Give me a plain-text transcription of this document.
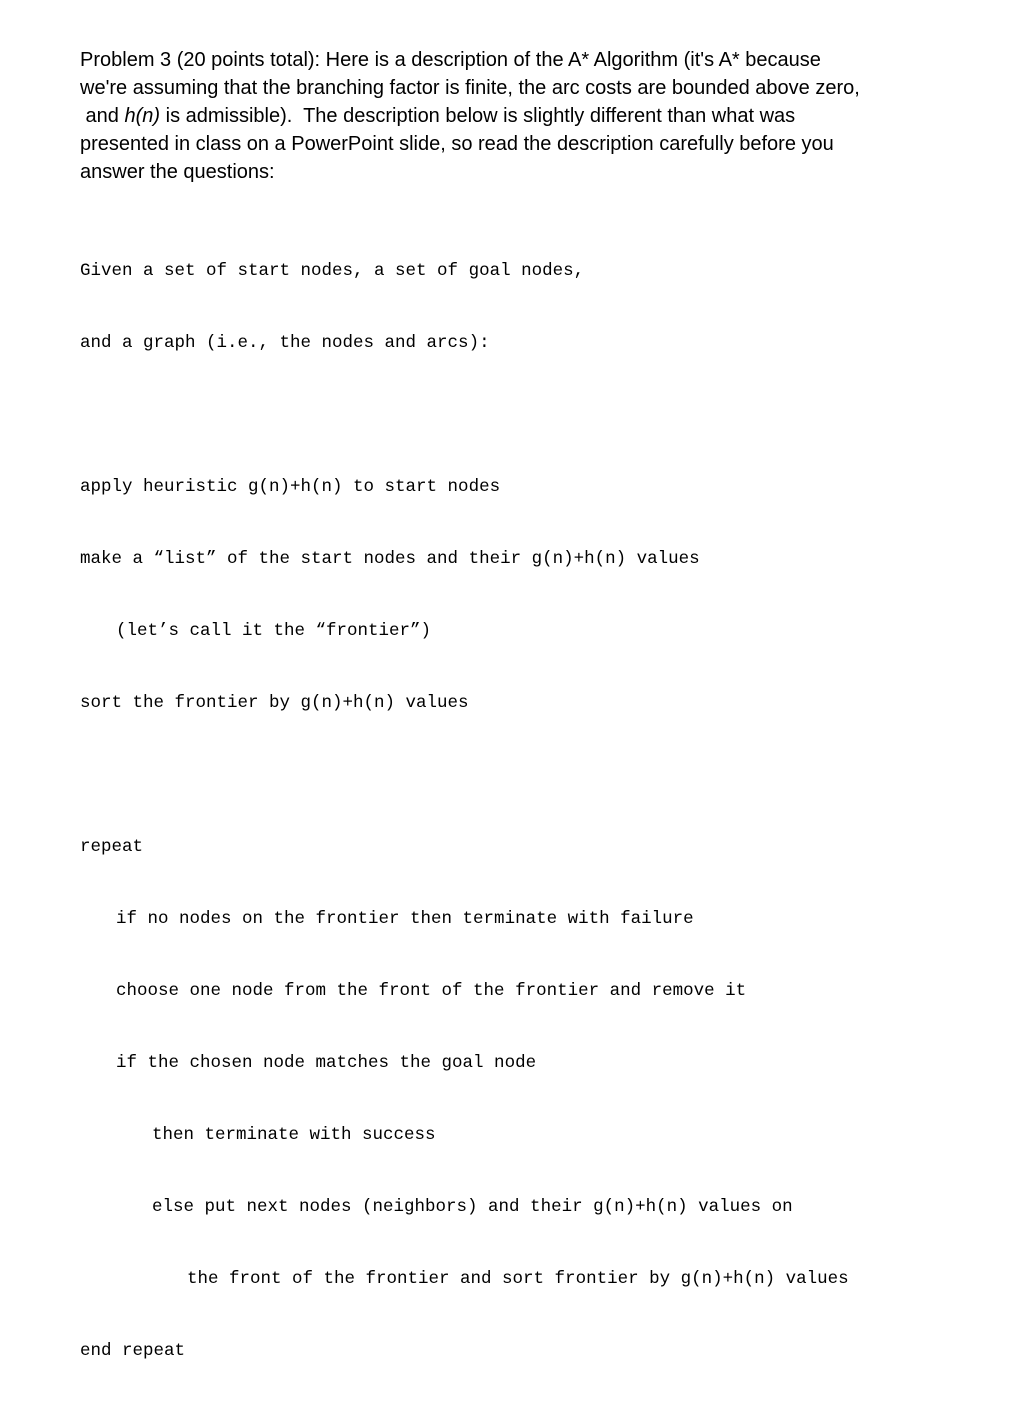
Problem 3 (20 points total): Here is a description of the A* Algorithm (it's A* because
we're assuming that the branching factor is finite, the arc costs are bounded above zero,
and h(n) is admissible).  The description below is slightly different than what was
presented in class on a PowerPoint slide, so read the description carefully before you
answer the questions:

Given a set of start nodes, a set of goal nodes,

and a graph (i.e., the nodes and arcs):

apply heuristic g(n)+h(n) to start nodes

make a “list” of the start nodes and their g(n)+h(n) values

(let’s call it the “frontier”)

sort the frontier by g(n)+h(n) values

repeat

if no nodes on the frontier then terminate with failure

choose one node from the front of the frontier and remove it

if the chosen node matches the goal node

then terminate with success

else put next nodes (neighbors) and their g(n)+h(n) values on

the front of the frontier and sort frontier by g(n)+h(n) values

end repeat
